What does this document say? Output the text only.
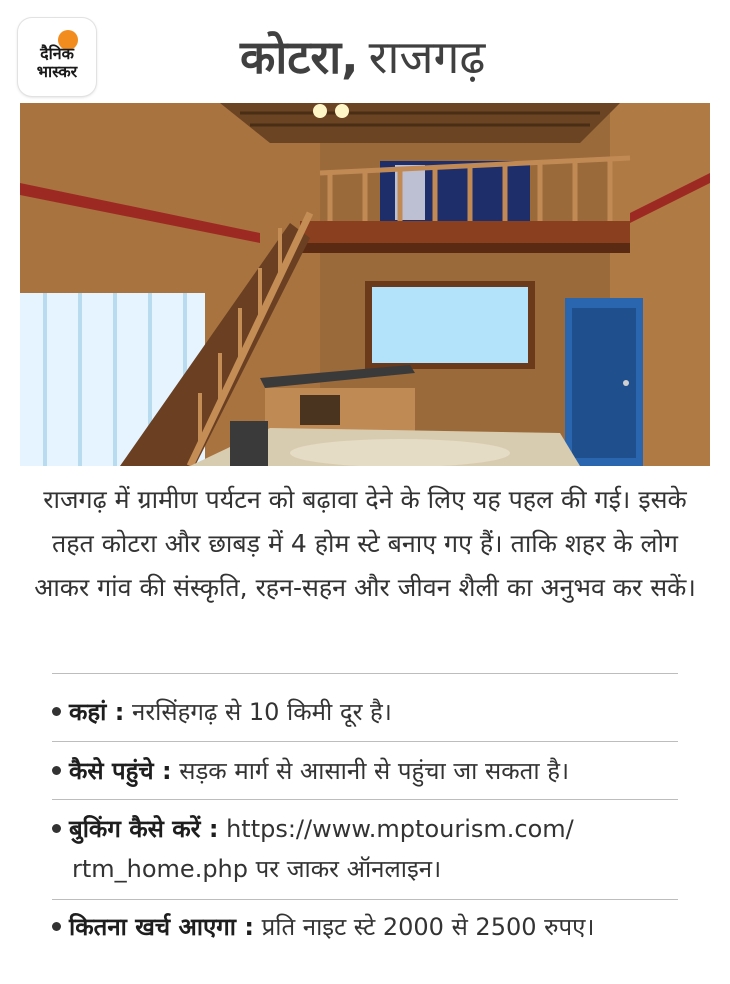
दैनिक
भास्कर	कोटरा, राजगढ़
राजगढ़ में ग्रामीण पर्यटन को बढ़ावा देने के लिए यह पहल की गई। इसके तहत कोटरा और छाबड़ में 4 होम स्टे बनाए गए हैं। ताकि शहर के लोग आकर गांव की संस्कृति, रहन-सहन और जीवन शैली का अनुभव कर सकें।
कहां : नरसिंहगढ़ से 10 किमी दूर है।
कैसे पहुंचे : सड़क मार्ग से आसानी से पहुंचा जा सकता है।
बुकिंग कैसे करें : https://www.mptourism.com/
rtm_home.php पर जाकर ऑनलाइन।
कितना खर्च आएगा : प्रति नाइट स्टे 2000 से 2500 रुपए।
